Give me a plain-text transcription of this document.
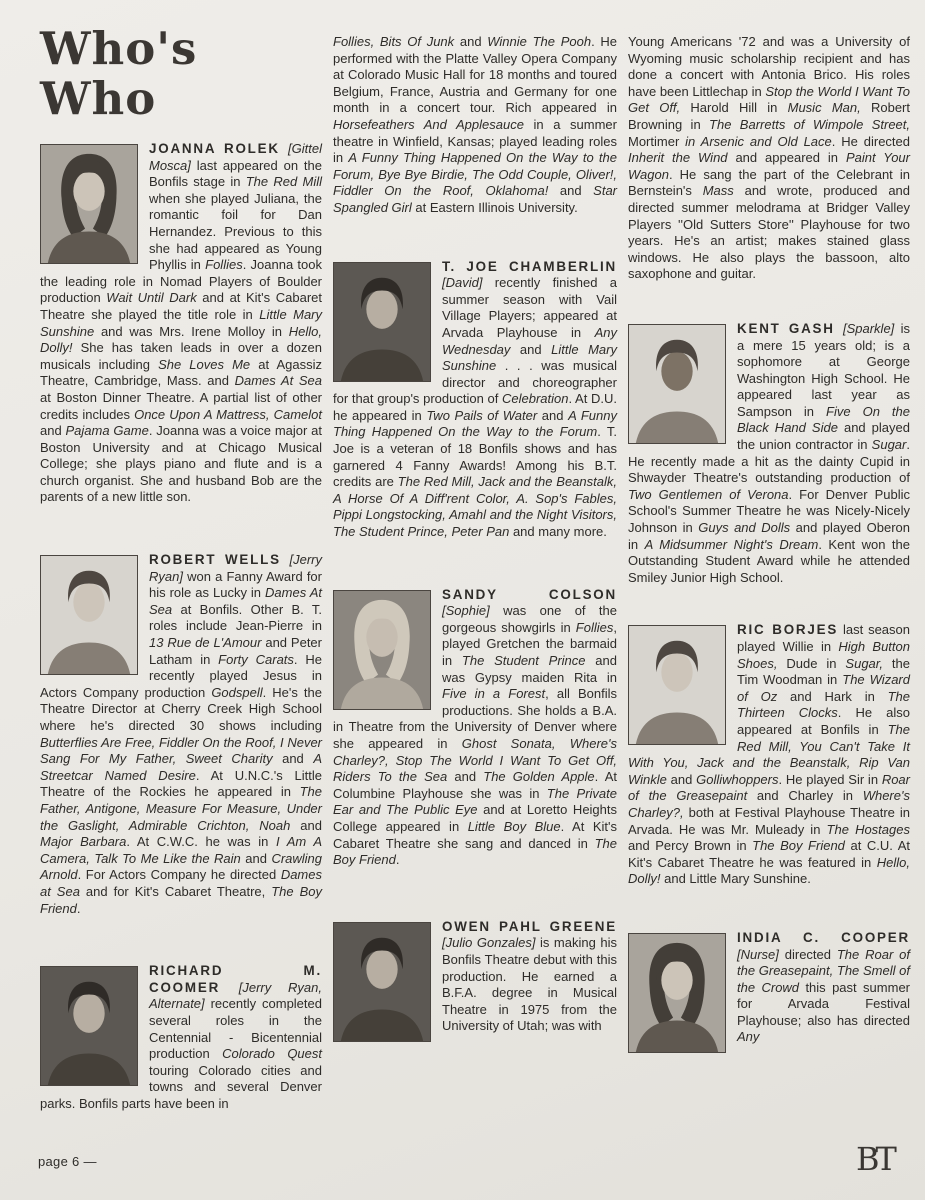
Who's Who

JOANNA ROLEK [Gittel Mosca] last appeared on the Bonfils stage in The Red Mill when she played Juliana, the romantic foil for Dan Hernandez. Previous to this she had appeared as Young Phyllis in Follies. Joanna took the leading role in Nomad Players of Boulder production Wait Until Dark and at Kit's Cabaret Theatre she played the title role in Little Mary Sunshine and was Mrs. Irene Molloy in Hello, Dolly! She has taken leads in over a dozen musicals including She Loves Me at Agassiz Theatre, Cambridge, Mass. and Dames At Sea at Boston Dinner Theatre. A partial list of other credits includes Once Upon A Mattress, Camelot and Pajama Game. Joanna was a voice major at Boston University and at Chicago Musical College; she plays piano and flute and is a church organist. She and husband Bob are the parents of a new little son.

ROBERT WELLS [Jerry Ryan] won a Fanny Award for his role as Lucky in Dames At Sea at Bonfils. Other B. T. roles include Jean-Pierre in 13 Rue de L'Amour and Peter Latham in Forty Carats. He recently played Jesus in Actors Company production Godspell. He's the Theatre Director at Cherry Creek High School where he's directed 30 shows including Butterflies Are Free, Fiddler On the Roof, I Never Sang For My Father, Sweet Charity and A Streetcar Named Desire. At U.N.C.'s Little Theatre of the Rockies he appeared in The Father, Antigone, Measure For Measure, Under the Gaslight, Admirable Crichton, Noah and Major Barbara. At C.W.C. he was in I Am A Camera, Talk To Me Like the Rain and Crawling Arnold. For Actors Company he directed Dames at Sea and for Kit's Cabaret Theatre, The Boy Friend.

RICHARD M. COOMER [Jerry Ryan, Alternate] recently completed several roles in the Centennial - Bicentennial production Colorado Quest touring Colorado cities and towns and several Denver parks. Bonfils parts have been in

Follies, Bits Of Junk and Winnie The Pooh. He performed with the Platte Valley Opera Company at Colorado Music Hall for 18 months and toured Belgium, France, Austria and Germany for one month in a concert tour. Rich appeared in Horsefeathers And Applesauce in a summer theatre in Winfield, Kansas; played leading roles in A Funny Thing Happened On the Way to the Forum, Bye Bye Birdie, The Odd Couple, Oliver!, Fiddler On the Roof, Oklahoma! and Star Spangled Girl at Eastern Illinois University.

T. JOE CHAMBERLIN [David] recently finished a summer season with Vail Village Players; appeared at Arvada Playhouse in Any Wednesday and Little Mary Sunshine . . . was musical director and choreographer for that group's production of Celebration. At D.U. he appeared in Two Pails of Water and A Funny Thing Happened On the Way to the Forum. T. Joe is a veteran of 18 Bonfils shows and has garnered 4 Fanny Awards! Among his B.T. credits are The Red Mill, Jack and the Beanstalk, A Horse Of A Diff'rent Color, A. Sop's Fables, Pippi Longstocking, Amahl and the Night Visitors, The Student Prince, Peter Pan and many more.

SANDY COLSON [Sophie] was one of the gorgeous showgirls in Follies, played Gretchen the barmaid in The Student Prince and was Gypsy maiden Rita in Five in a Forest, all Bonfils productions. She holds a B.A. in Theatre from the University of Denver where she appeared in Ghost Sonata, Where's Charley?, Stop The World I Want To Get Off, Riders To the Sea and The Golden Apple. At Columbine Playhouse she was in The Private Ear and The Public Eye and at Loretto Heights College appeared in Little Boy Blue. At Kit's Cabaret Theatre she sang and danced in The Boy Friend.

OWEN PAHL GREENE [Julio Gonzales] is making his Bonfils Theatre debut with this production. He earned a B.F.A. degree in Musical Theatre in 1975 from the University of Utah; was with

Young Americans '72 and was a University of Wyoming music scholarship recipient and has done a concert with Antonia Brico. His roles have been Littlechap in Stop the World I Want To Get Off, Harold Hill in Music Man, Robert Browning in The Barretts of Wimpole Street, Mortimer in Arsenic and Old Lace. He directed Inherit the Wind and appeared in Paint Your Wagon. He sang the part of the Celebrant in Bernstein's Mass and wrote, produced and directed summer melodrama at Bridger Valley Players ''Old Sutters Store'' Playhouse for two years. He's an artist; makes stained glass windows. He also plays the bassoon, alto saxophone and guitar.

KENT GASH [Sparkle] is a mere 15 years old; is a sophomore at George Washington High School. He appeared last year as Sampson in Five On the Black Hand Side and played the union contractor in Sugar. He recently made a hit as the dainty Cupid in Shwayder Theatre's outstanding production of Two Gentlemen of Verona. For Denver Public School's Summer Theatre he was Nicely-Nicely Johnson in Guys and Dolls and played Oberon in A Midsummer Night's Dream. Kent won the Outstanding Student Award while he attended Smiley Junior High School.

RIC BORJES last season played Willie in High Button Shoes, Dude in Sugar, the Tim Woodman in The Wizard of Oz and Hark in The Thirteen Clocks. He also appeared at Bonfils in The Red Mill, You Can't Take It With You, Jack and the Beanstalk, Rip Van Winkle and Golliwhoppers. He played Sir in Roar of the Greasepaint and Charley in Where's Charley?, both at Festival Playhouse Theatre in Arvada. He was Mr. Muleady in The Hostages and Percy Brown in The Boy Friend at C.U. At Kit's Cabaret Theatre he was featured in Hello, Dolly! and Little Mary Sunshine.

INDIA C. COOPER [Nurse] directed The Roar of the Greasepaint, The Smell of the Crowd this past summer for Arvada Festival Playhouse; also has directed Any

page 6 —	BT
